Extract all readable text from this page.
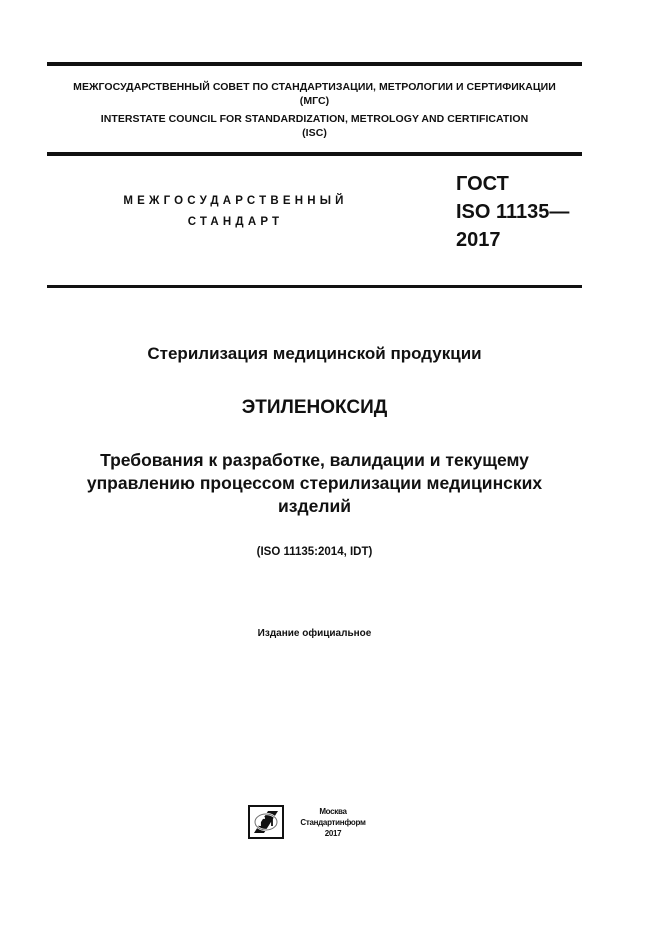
МЕЖГОСУДАРСТВЕННЫЙ СОВЕТ ПО СТАНДАРТИЗАЦИИ, МЕТРОЛОГИИ И СЕРТИФИКАЦИИ
(МГС)
INTERSTATE COUNCIL FOR STANDARDIZATION, METROLOGY AND CERTIFICATION
(ISC)
МЕЖГОСУДАРСТВЕННЫЙ
СТАНДАРТ
ГОСТ
ISO 11135—
2017
Стерилизация медицинской продукции
ЭТИЛЕНОКСИД
Требования к разработке, валидации и текущему
управлению процессом стерилизации медицинских
изделий
(ISO 11135:2014, IDT)
Издание официальное
Москва
Стандартинформ
2017
